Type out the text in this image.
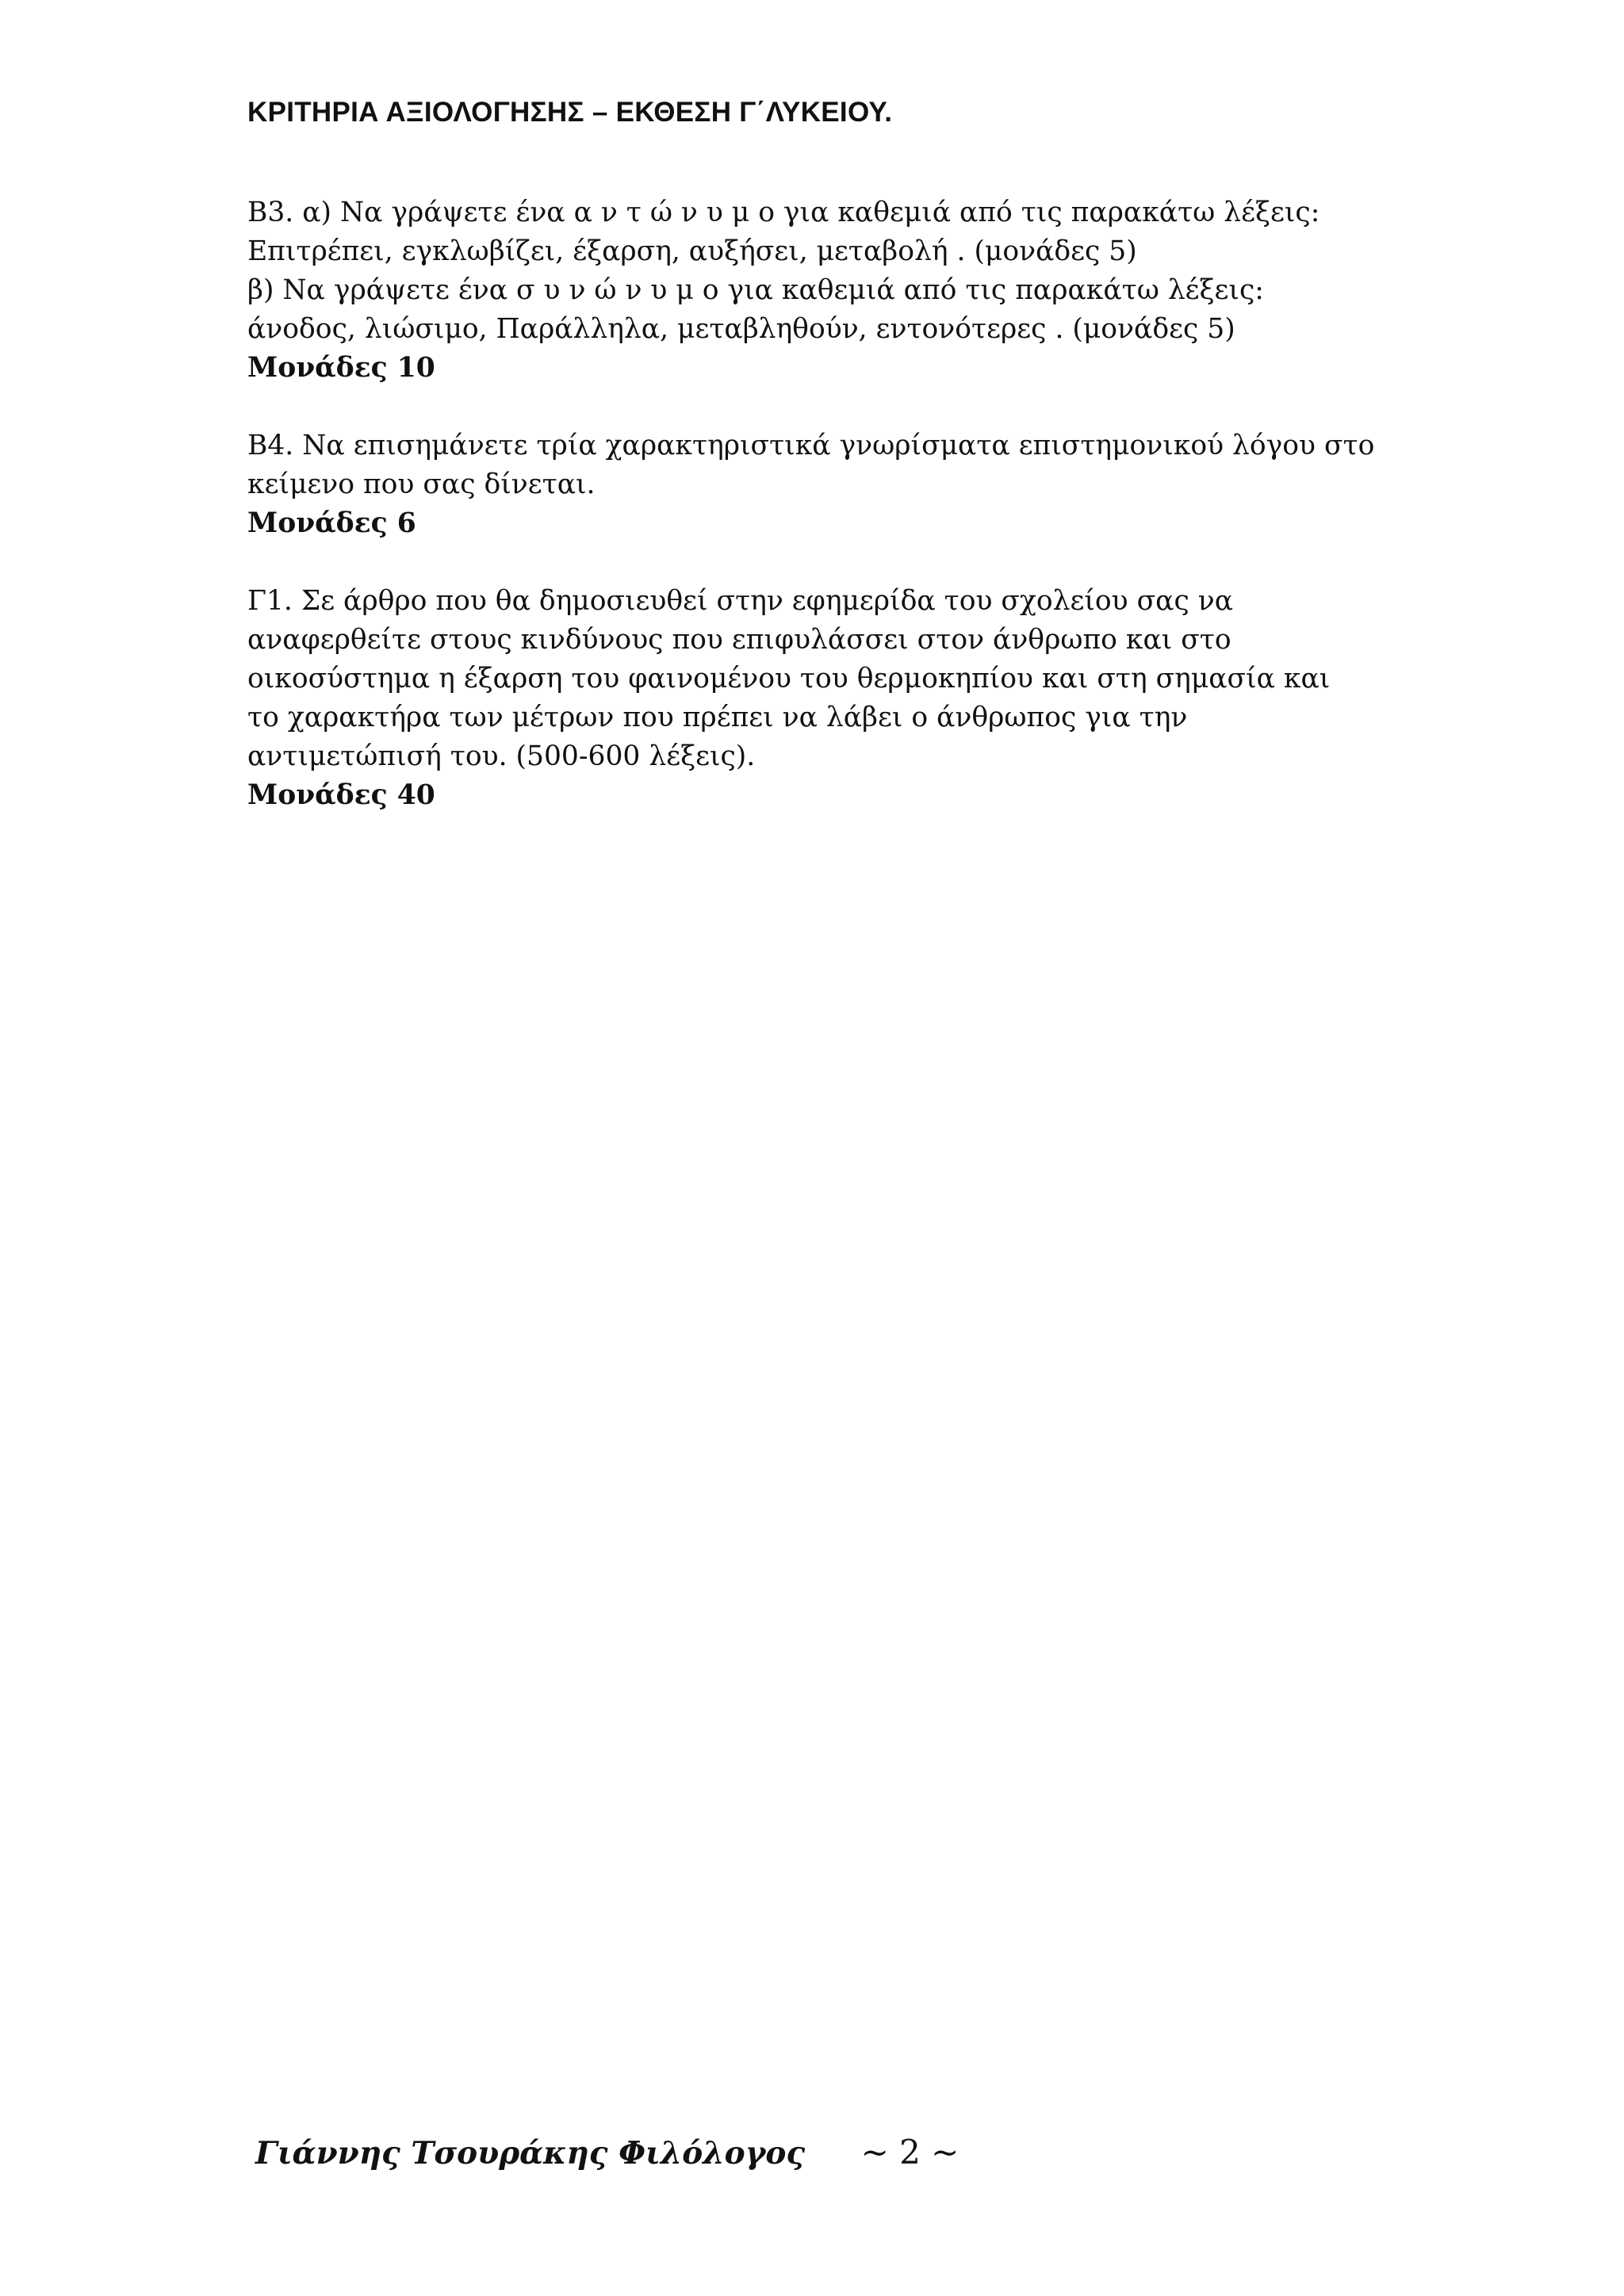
ΚΡΙΤΗΡΙΑ ΑΞΙΟΛΟΓΗΣΗΣ – ΕΚΘΕΣΗ Γ΄ΛΥΚΕΙΟΥ.
Β3. α) Να γράψετε ένα α ν τ ώ ν υ μ ο για καθεμιά από τις παρακάτω λέξεις:
Επιτρέπει, εγκλωβίζει, έξαρση, αυξήσει, μεταβολή . (μονάδες 5)
β) Να γράψετε ένα σ υ ν ώ ν υ μ ο για καθεμιά από τις παρακάτω λέξεις:
άνοδος, λιώσιμο, Παράλληλα, μεταβληθούν, εντονότερες . (μονάδες 5)
Μονάδες 10
Β4. Να επισημάνετε τρία χαρακτηριστικά γνωρίσματα επιστημονικού λόγου στο
κείμενο που σας δίνεται.
Μονάδες 6
Γ1. Σε άρθρο που θα δημοσιευθεί στην εφημερίδα του σχολείου σας να
αναφερθείτε στους κινδύνους που επιφυλάσσει στον άνθρωπο και στο
οικοσύστημα η έξαρση του φαινομένου του θερμοκηπίου και στη σημασία και
το χαρακτήρα των μέτρων που πρέπει να λάβει ο άνθρωπος για την
αντιμετώπισή του. (500-600 λέξεις).
Μονάδες 40
Γιάννης Τσουράκης Φιλόλογος ~ 2 ~
